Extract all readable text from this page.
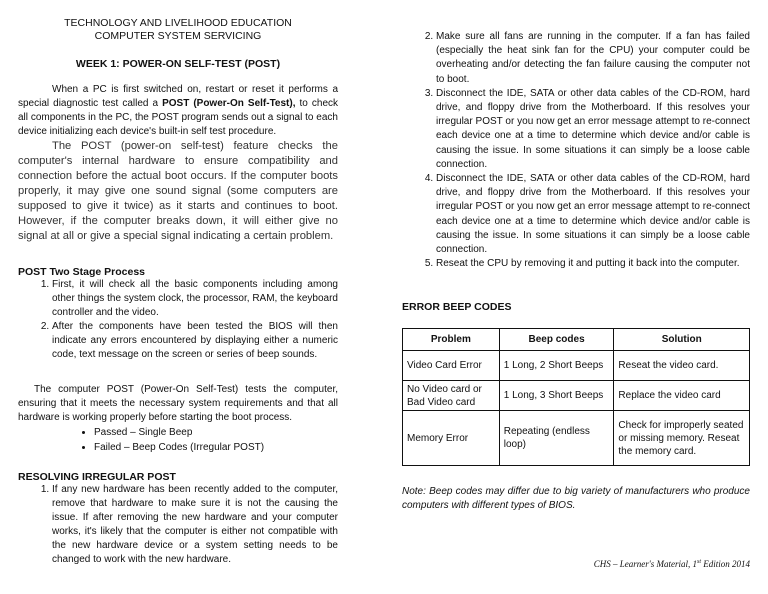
TECHNOLOGY AND LIVELIHOOD EDUCATION
COMPUTER SYSTEM SERVICING
WEEK 1: POWER-ON SELF-TEST (POST)

When a PC is first switched on, restart or reset it performs a special diagnostic test called a POST (Power-On Self-Test), to check all components in the PC, the POST program sends out a signal to each device initializing each device's built-in self test procedure.

The POST (power-on self-test) feature checks the computer's internal hardware to ensure compatibility and connection before the actual boot occurs. If the computer boots properly, it may give one sound signal (some computers are supposed to give it twice) as it starts and continues to boot. However, if the computer breaks down, it will either give no signal at all or give a special signal indicating a certain problem.

POST Two Stage Process
1. First, it will check all the basic components including among other things the system clock, the processor, RAM, the keyboard controller and the video.
2. After the components have been tested the BIOS will then indicate any errors encountered by displaying either a numeric code, text message on the screen or series of beep sounds.

The computer POST (Power-On Self-Test) tests the computer, ensuring that it meets the necessary system requirements and that all hardware is working properly before starting the boot process.

• Passed – Single Beep
• Failed – Beep Codes (Irregular POST)
RESOLVING IRREGULAR POST
1. If any new hardware has been recently added to the computer, remove that hardware to make sure it is not the causing the issue. If after removing the new hardware and your computer works, it's likely that the computer is either not compatible with the new hardware device or a system setting needs to be changed to work with the new hardware.
2. Make sure all fans are running in the computer. If a fan has failed (especially the heat sink fan for the CPU) your computer could be overheating and/or detecting the fan failure causing the computer not to boot.
3. Disconnect the IDE, SATA or other data cables of the CD-ROM, hard drive, and floppy drive from the Motherboard. If this resolves your irregular POST or you now get an error message attempt to re-connect each device one at a time to determine which device and/or cable is causing the issue. In some situations it can simply be a loose cable connection.
4. Disconnect the IDE, SATA or other data cables of the CD-ROM, hard drive, and floppy drive from the Motherboard. If this resolves your irregular POST or you now get an error message attempt to re-connect each device one at a time to determine which device and/or cable is causing the issue. In some situations it can simply be a loose cable connection.
5. Reseat the CPU by removing it and putting it back into the computer.
ERROR BEEP CODES
Problem	Beep codes	Solution
Video Card Error	1 Long, 2 Short Beeps	Reseat the video card.
No Video card or Bad Video card	1 Long, 3 Short Beeps	Replace the video card
Memory Error	Repeating (endless loop)	Check for improperly seated or missing memory. Reseat the memory card.

Note: Beep codes may differ due to big variety of manufacturers who produce computers with different types of BIOS.

CHS – Learner's Material, 1st Edition 2014
